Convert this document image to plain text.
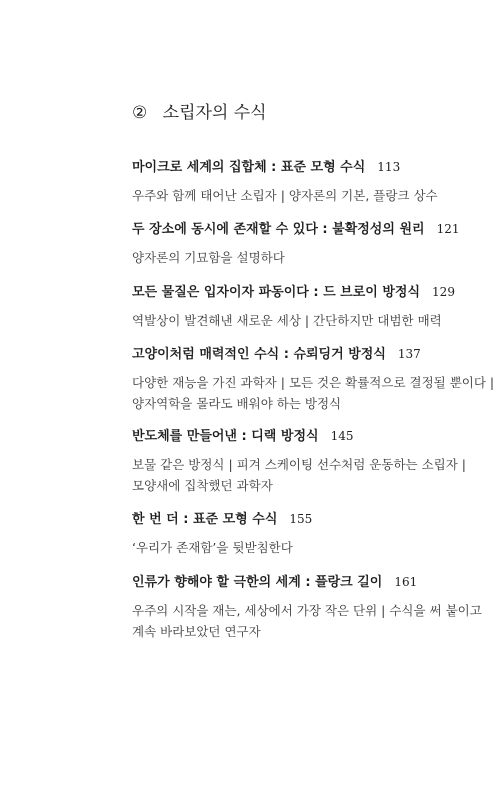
② 소립자의 수식
마이크로 세계의 집합체 : 표준 모형 수식 113
우주와 함께 태어난 소립자 | 양자론의 기본, 플랑크 상수
두 장소에 동시에 존재할 수 있다 : 불확정성의 원리 121
양자론의 기묘함을 설명하다
모든 물질은 입자이자 파동이다 : 드 브로이 방정식 129
역발상이 발견해낸 새로운 세상 | 간단하지만 대범한 매력
고양이처럼 매력적인 수식 : 슈뢰딩거 방정식 137
다양한 재능을 가진 과학자 | 모든 것은 확률적으로 결정될 뿐이다 |
양자역학을 몰라도 배워야 하는 방정식
반도체를 만들어낸 : 디랙 방정식 145
보물 같은 방정식 | 피겨 스케이팅 선수처럼 운동하는 소립자 |
모양새에 집착했던 과학자
한 번 더 : 표준 모형 수식 155
‘우리가 존재함’을 뒷받침한다
인류가 향해야 할 극한의 세계 : 플랑크 길이 161
우주의 시작을 재는, 세상에서 가장 작은 단위 | 수식을 써 붙이고
계속 바라보았던 연구자
